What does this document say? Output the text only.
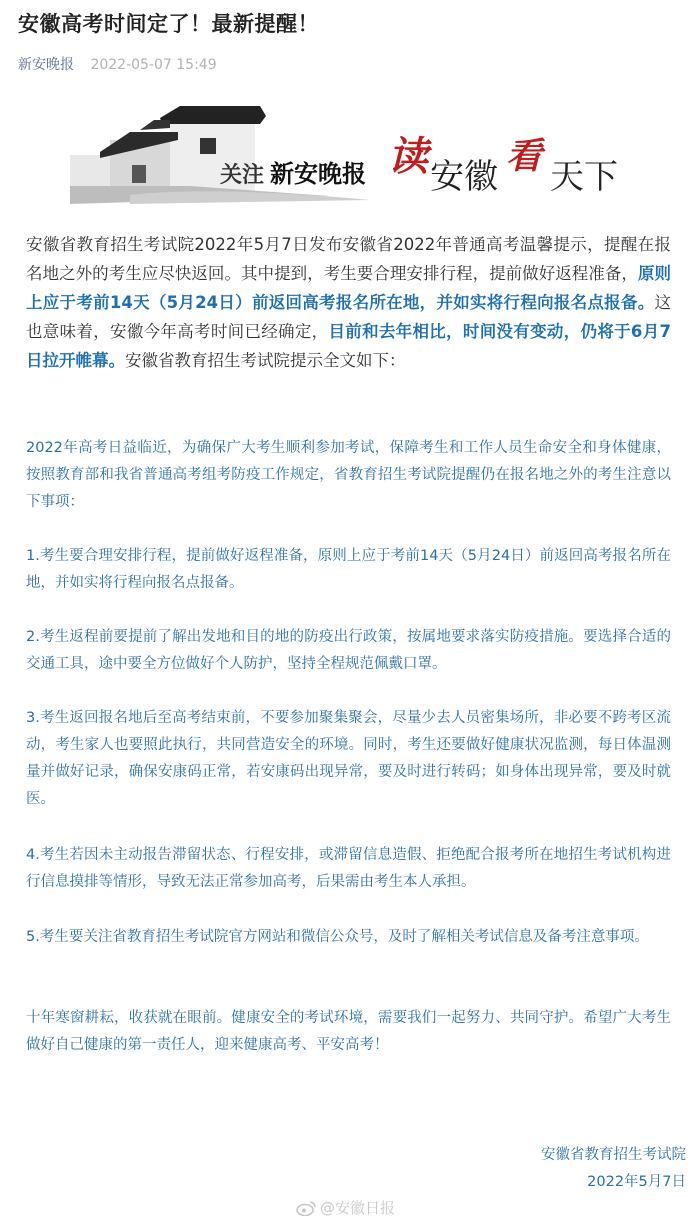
安徽高考时间定了！最新提醒！
新安晚报 2022-05-07 15:49
关注 新安晚报 读 安徽 看 天下
安徽省教育招生考试院2022年5月7日发布安徽省2022年普通高考温馨提示，提醒在报名地之外的考生应尽快返回。其中提到，考生要合理安排行程，提前做好返程准备，原则上应于考前14天（5月24日）前返回高考报名所在地，并如实将行程向报名点报备。这也意味着，安徽今年高考时间已经确定，目前和去年相比，时间没有变动，仍将于6月7日拉开帷幕。安徽省教育招生考试院提示全文如下：
2022年高考日益临近，为确保广大考生顺利参加考试，保障考生和工作人员生命安全和身体健康，按照教育部和我省普通高考组考防疫工作规定，省教育招生考试院提醒仍在报名地之外的考生注意以下事项：
1.考生要合理安排行程，提前做好返程准备，原则上应于考前14天（5月24日）前返回高考报名所在地，并如实将行程向报名点报备。
2.考生返程前要提前了解出发地和目的地的防疫出行政策，按属地要求落实防疫措施。要选择合适的交通工具，途中要全方位做好个人防护，坚持全程规范佩戴口罩。
3.考生返回报名地后至高考结束前，不要参加聚集聚会，尽量少去人员密集场所，非必要不跨考区流动，考生家人也要照此执行，共同营造安全的环境。同时，考生还要做好健康状况监测，每日体温测量并做好记录，确保安康码正常，若安康码出现异常，要及时进行转码；如身体出现异常，要及时就医。
4.考生若因未主动报告滞留状态、行程安排，或滞留信息造假、拒绝配合报考所在地招生考试机构进行信息摸排等情形，导致无法正常参加高考，后果需由考生本人承担。
5.考生要关注省教育招生考试院官方网站和微信公众号，及时了解相关考试信息及备考注意事项。
十年寒窗耕耘，收获就在眼前。健康安全的考试环境，需要我们一起努力、共同守护。希望广大考生做好自己健康的第一责任人，迎来健康高考、平安高考！
安徽省教育招生考试院
2022年5月7日
@安徽日报
